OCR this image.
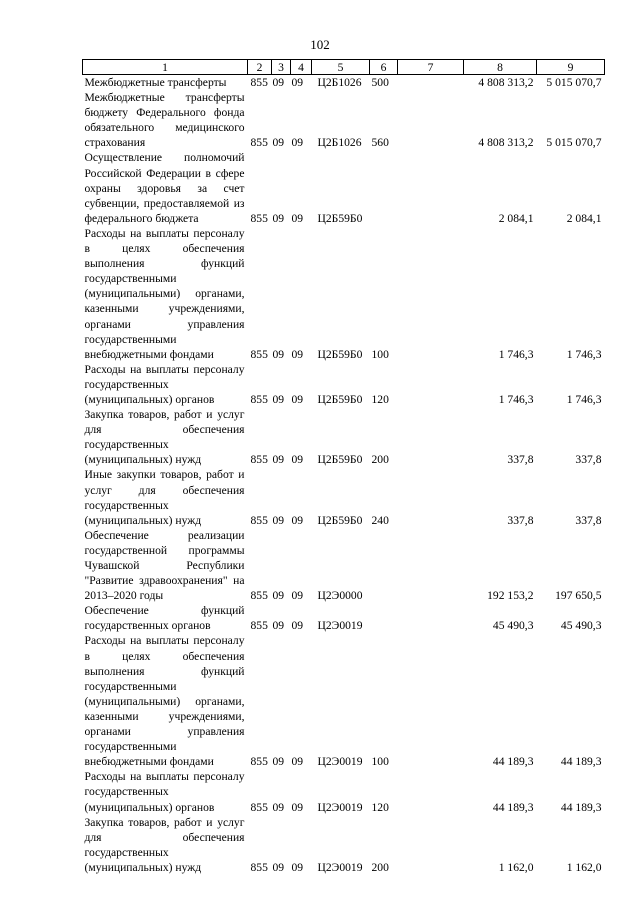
102
1	2	3	4	5	6	7	8	9
Межбюджетные трансферты	855	09	09	Ц2Б1026	500		4 808 313,2	5 015 070,7
Межбюджетные трансферты бюджету Федерального фонда обязательного медицинского страхования	855	09	09	Ц2Б1026	560		4 808 313,2	5 015 070,7
Осуществление полномочий Российской Федерации в сфере охраны здоровья за счет субвенции, предоставляемой из федерального бюджета	855	09	09	Ц2Б59Б0			2 084,1	2 084,1
Расходы на выплаты персоналу в целях обеспечения выполнения функций государственными (муниципальными) органами, казенными учреждениями, органами управления государственными внебюджетными фондами	855	09	09	Ц2Б59Б0	100		1 746,3	1 746,3
Расходы на выплаты персоналу государственных (муниципальных) органов	855	09	09	Ц2Б59Б0	120		1 746,3	1 746,3
Закупка товаров, работ и услуг для обеспечения государственных (муниципальных) нужд	855	09	09	Ц2Б59Б0	200		337,8	337,8
Иные закупки товаров, работ и услуг для обеспечения государственных (муниципальных) нужд	855	09	09	Ц2Б59Б0	240		337,8	337,8
Обеспечение реализации государственной программы Чувашской Республики "Развитие здравоохранения" на 2013–2020 годы	855	09	09	Ц2Э0000			192 153,2	197 650,5
Обеспечение функций государственных органов	855	09	09	Ц2Э0019			45 490,3	45 490,3
Расходы на выплаты персоналу в целях обеспечения выполнения функций государственными (муниципальными) органами, казенными учреждениями, органами управления государственными внебюджетными фондами	855	09	09	Ц2Э0019	100		44 189,3	44 189,3
Расходы на выплаты персоналу государственных (муниципальных) органов	855	09	09	Ц2Э0019	120		44 189,3	44 189,3
Закупка товаров, работ и услуг для обеспечения государственных (муниципальных) нужд	855	09	09	Ц2Э0019	200		1 162,0	1 162,0
